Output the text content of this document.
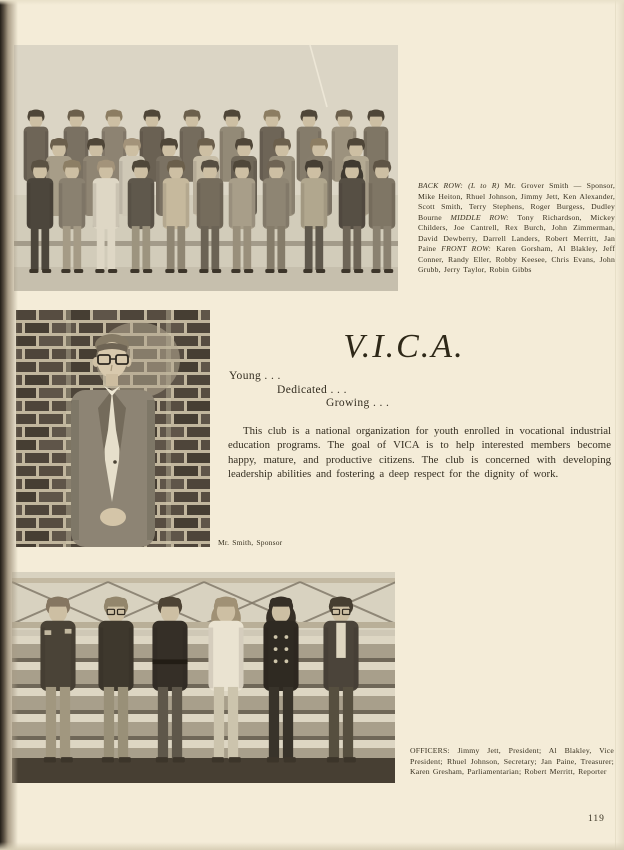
BACK ROW: (L to R) Mr. Grover Smith — Sponsor, Mike Heiton, Rhuel Johnson, Jimmy Jett, Ken Alexander, Scott Smith, Terry Stephens, Roger Burgess, Dudley Bourne MIDDLE ROW: Tony Richardson, Mickey Childers, Joe Cantrell, Rex Burch, John Zimmerman, David Dewberry, Darrell Landers, Robert Merritt, Jan Paine FRONT ROW: Karen Gorsham, Al Blakley, Jeff Conner, Randy Eller, Robby Keesee, Chris Evans, John Grubb, Jerry Taylor, Robin Gibbs
V.I.C.A.
Young . . .
Dedicated . . .
Growing . . .
This club is a national organization for youth enrolled in vocational industrial education programs. The goal of VICA is to help interested members become happy, mature, and productive citizens. The club is concerned with developing leadership abilities and fostering a deep respect for the dignity of work.
Mr. Smith, Sponsor
OFFICERS: Jimmy Jett, President; Al Blakley, Vice President; Rhuel Johnson, Secretary; Jan Paine, Treasurer; Karen Gresham, Parliamentarian; Robert Merritt, Reporter
119
